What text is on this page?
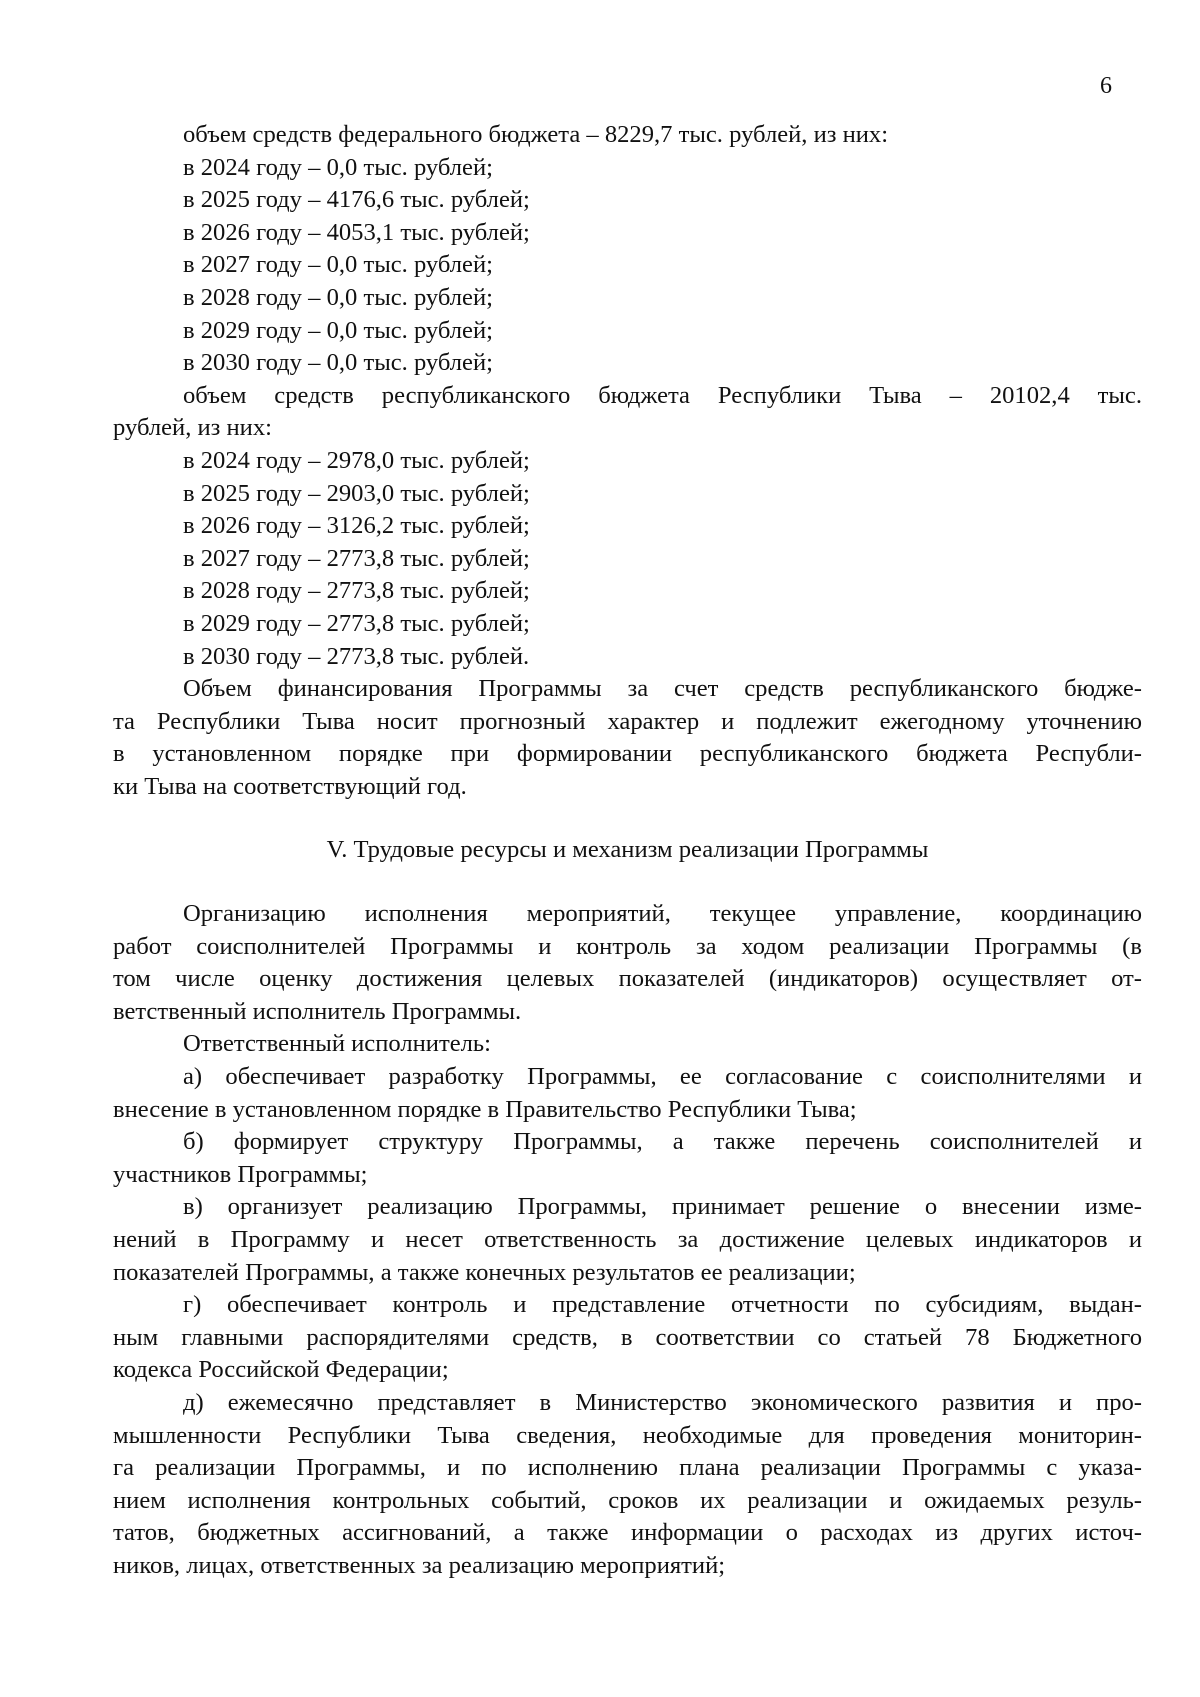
6
объем средств федерального бюджета – 8229,7 тыс. рублей, из них:
в 2024 году – 0,0 тыс. рублей;
в 2025 году – 4176,6 тыс. рублей;
в 2026 году – 4053,1 тыс. рублей;
в 2027 году – 0,0 тыс. рублей;
в 2028 году – 0,0 тыс. рублей;
в 2029 году – 0,0 тыс. рублей;
в 2030 году – 0,0 тыс. рублей;
объем средств республиканского бюджета Республики Тыва – 20102,4 тыс.
рублей, из них:
в 2024 году – 2978,0 тыс. рублей;
в 2025 году – 2903,0 тыс. рублей;
в 2026 году – 3126,2 тыс. рублей;
в 2027 году – 2773,8 тыс. рублей;
в 2028 году – 2773,8 тыс. рублей;
в 2029 году – 2773,8 тыс. рублей;
в 2030 году – 2773,8 тыс. рублей.
Объем финансирования Программы за счет средств республиканского бюдже-
та Республики Тыва носит прогнозный характер и подлежит ежегодному уточнению
в установленном порядке при формировании республиканского бюджета Республи-
ки Тыва на соответствующий год.
V. Трудовые ресурсы и механизм реализации Программы
Организацию исполнения мероприятий, текущее управление, координацию
работ соисполнителей Программы и контроль за ходом реализации Программы (в
том числе оценку достижения целевых показателей (индикаторов) осуществляет от-
ветственный исполнитель Программы.
Ответственный исполнитель:
а) обеспечивает разработку Программы, ее согласование с соисполнителями и
внесение в установленном порядке в Правительство Республики Тыва;
б) формирует структуру Программы, а также перечень соисполнителей и
участников Программы;
в) организует реализацию Программы, принимает решение о внесении изме-
нений в Программу и несет ответственность за достижение целевых индикаторов и
показателей Программы, а также конечных результатов ее реализации;
г) обеспечивает контроль и представление отчетности по субсидиям, выдан-
ным главными распорядителями средств, в соответствии со статьей 78 Бюджетного
кодекса Российской Федерации;
д) ежемесячно представляет в Министерство экономического развития и про-
мышленности Республики Тыва сведения, необходимые для проведения мониторин-
га реализации Программы, и по исполнению плана реализации Программы с указа-
нием исполнения контрольных событий, сроков их реализации и ожидаемых резуль-
татов, бюджетных ассигнований, а также информации о расходах из других источ-
ников, лицах, ответственных за реализацию мероприятий;
